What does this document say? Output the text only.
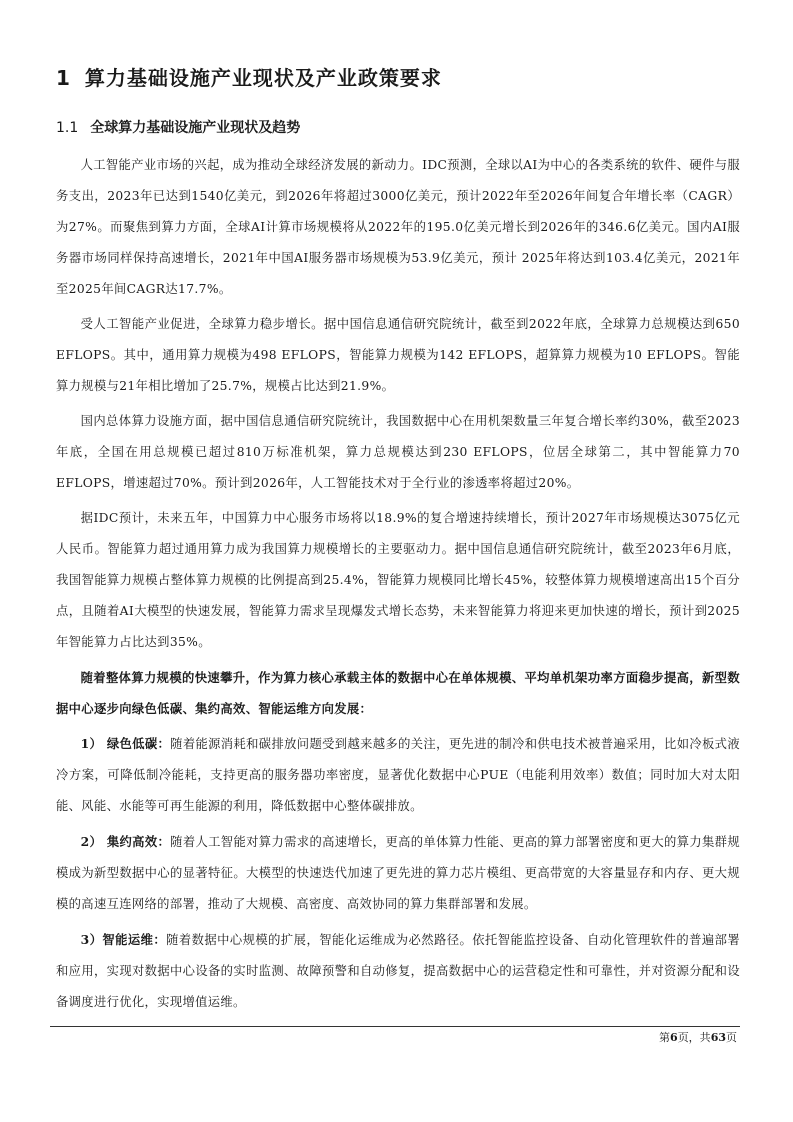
1 算力基础设施产业现状及产业政策要求
1.1 全球算力基础设施产业现状及趋势

人工智能产业市场的兴起，成为推动全球经济发展的新动力。IDC预测，全球以AI为中心的各类系统的软件、硬件与服务支出，2023年已达到1540亿美元，到2026年将超过3000亿美元，预计2022年至2026年间复合年增长率（CAGR）为27%。而聚焦到算力方面，全球AI计算市场规模将从2022年的195.0亿美元增长到2026年的346.6亿美元。国内AI服务器市场同样保持高速增长，2021年中国AI服务器市场规模为53.9亿美元，预计 2025年将达到103.4亿美元，2021年至2025年间CAGR达17.7%。

受人工智能产业促进，全球算力稳步增长。据中国信息通信研究院统计，截至到2022年底，全球算力总规模达到650 EFLOPS。其中，通用算力规模为498 EFLOPS，智能算力规模为142 EFLOPS，超算算力规模为10 EFLOPS。智能算力规模与21年相比增加了25.7%，规模占比达到21.9%。

国内总体算力设施方面，据中国信息通信研究院统计，我国数据中心在用机架数量三年复合增长率约30%，截至2023年底，全国在用总规模已超过810万标准机架，算力总规模达到230 EFLOPS，位居全球第二，其中智能算力70 EFLOPS，增速超过70%。预计到2026年，人工智能技术对于全行业的渗透率将超过20%。

据IDC预计，未来五年，中国算力中心服务市场将以18.9%的复合增速持续增长，预计2027年市场规模达3075亿元人民币。智能算力超过通用算力成为我国算力规模增长的主要驱动力。据中国信息通信研究院统计，截至2023年6月底，我国智能算力规模占整体算力规模的比例提高到25.4%，智能算力规模同比增长45%，较整体算力规模增速高出15个百分点，且随着AI大模型的快速发展，智能算力需求呈现爆发式增长态势，未来智能算力将迎来更加快速的增长，预计到2025年智能算力占比达到35%。

随着整体算力规模的快速攀升，作为算力核心承载主体的数据中心在单体规模、平均单机架功率方面稳步提高，新型数据中心逐步向绿色低碳、集约高效、智能运维方向发展：

1） 绿色低碳：随着能源消耗和碳排放问题受到越来越多的关注，更先进的制冷和供电技术被普遍采用，比如冷板式液冷方案，可降低制冷能耗，支持更高的服务器功率密度，显著优化数据中心PUE（电能利用效率）数值；同时加大对太阳能、风能、水能等可再生能源的利用，降低数据中心整体碳排放。

2） 集约高效：随着人工智能对算力需求的高速增长，更高的单体算力性能、更高的算力部署密度和更大的算力集群规模成为新型数据中心的显著特征。大模型的快速迭代加速了更先进的算力芯片模组、更高带宽的大容量显存和内存、更大规模的高速互连网络的部署，推动了大规模、高密度、高效协同的算力集群部署和发展。

3）智能运维：随着数据中心规模的扩展，智能化运维成为必然路径。依托智能监控设备、自动化管理软件的普遍部署和应用，实现对数据中心设备的实时监测、故障预警和自动修复，提高数据中心的运营稳定性和可靠性，并对资源分配和设备调度进行优化，实现增值运维。

第6页，共63页
